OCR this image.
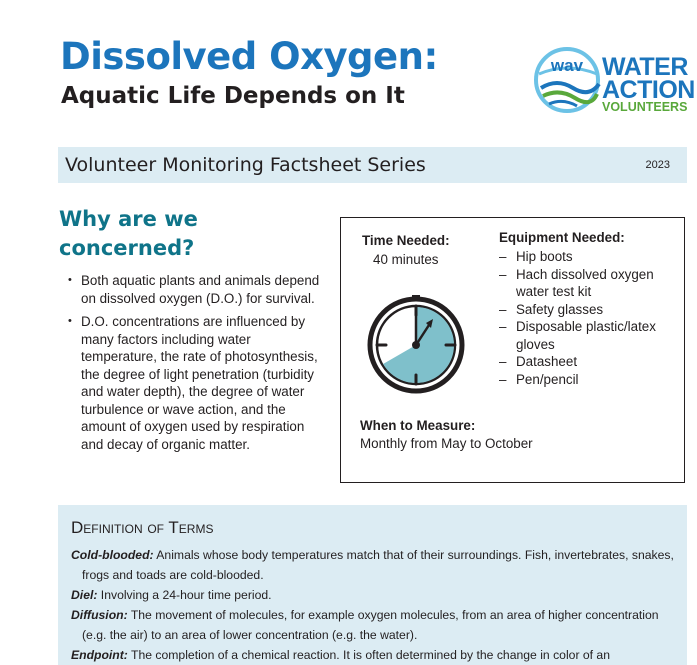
Dissolved Oxygen:
Aquatic Life Depends on It
wav WATER
ACTION
VOLUNTEERS
Volunteer Monitoring Factsheet Series	2023
Why are we concerned?
• Both aquatic plants and animals depend on dissolved oxygen (D.O.) for survival.
• D.O. concentrations are influenced by many factors including water temperature, the rate of photosynthesis, the degree of light penetration (turbidity and water depth), the degree of water turbulence or wave action, and the amount of oxygen used by respiration and decay of organic matter.
Time Needed:
40 minutes
Equipment Needed:
– Hip boots
– Hach dissolved oxygen water test kit
– Safety glasses
– Disposable plastic/latex gloves
– Datasheet
– Pen/pencil
When to Measure:
Monthly from May to October
Definition of Terms

Cold-blooded: Animals whose body temperatures match that of their surroundings. Fish, invertebrates, snakes, frogs and toads are cold-blooded.

Diel: Involving a 24-hour time period.

Diffusion: The movement of molecules, for example oxygen molecules, from an area of higher concentration (e.g. the air) to an area of lower concentration (e.g. the water).

Endpoint: The completion of a chemical reaction. It is often determined by the change in color of an
